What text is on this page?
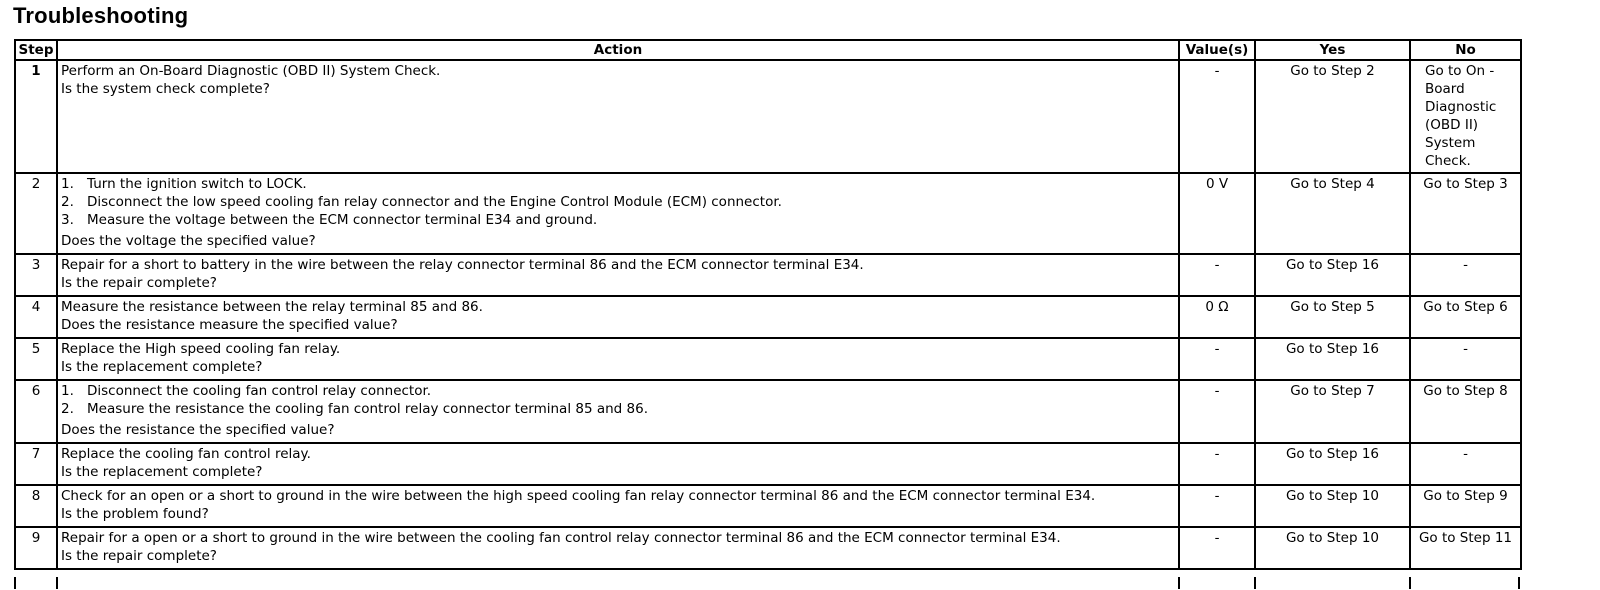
Troubleshooting
Step	Action	Value(s)	Yes	No
1	Perform an On-Board Diagnostic (OBD II) System Check.
Is the system check complete?	-	Go to Step 2	Go to On -Board Diagnostic (OBD II) System Check.
2	1. Turn the ignition switch to LOCK.
2. Disconnect the low speed cooling fan relay connector and the Engine Control Module (ECM) connector.
3. Measure the voltage between the ECM connector terminal E34 and ground.
Does the voltage the specified value?	0 V	Go to Step 4	Go to Step 3
3	Repair for a short to battery in the wire between the relay connector terminal 86 and the ECM connector terminal E34.
Is the repair complete?	-	Go to Step 16	-
4	Measure the resistance between the relay terminal 85 and 86.
Does the resistance measure the specified value?	0 Ω	Go to Step 5	Go to Step 6
5	Replace the High speed cooling fan relay.
Is the replacement complete?	-	Go to Step 16	-
6	1. Disconnect the cooling fan control relay connector.
2. Measure the resistance the cooling fan control relay connector terminal 85 and 86.
Does the resistance the specified value?	-	Go to Step 7	Go to Step 8
7	Replace the cooling fan control relay.
Is the replacement complete?	-	Go to Step 16	-
8	Check for an open or a short to ground in the wire between the high speed cooling fan relay connector terminal 86 and the ECM connector terminal E34.
Is the problem found?	-	Go to Step 10	Go to Step 9
9	Repair for a open or a short to ground in the wire between the cooling fan control relay connector terminal 86 and the ECM connector terminal E34.
Is the repair complete?	-	Go to Step 10	Go to Step 11
